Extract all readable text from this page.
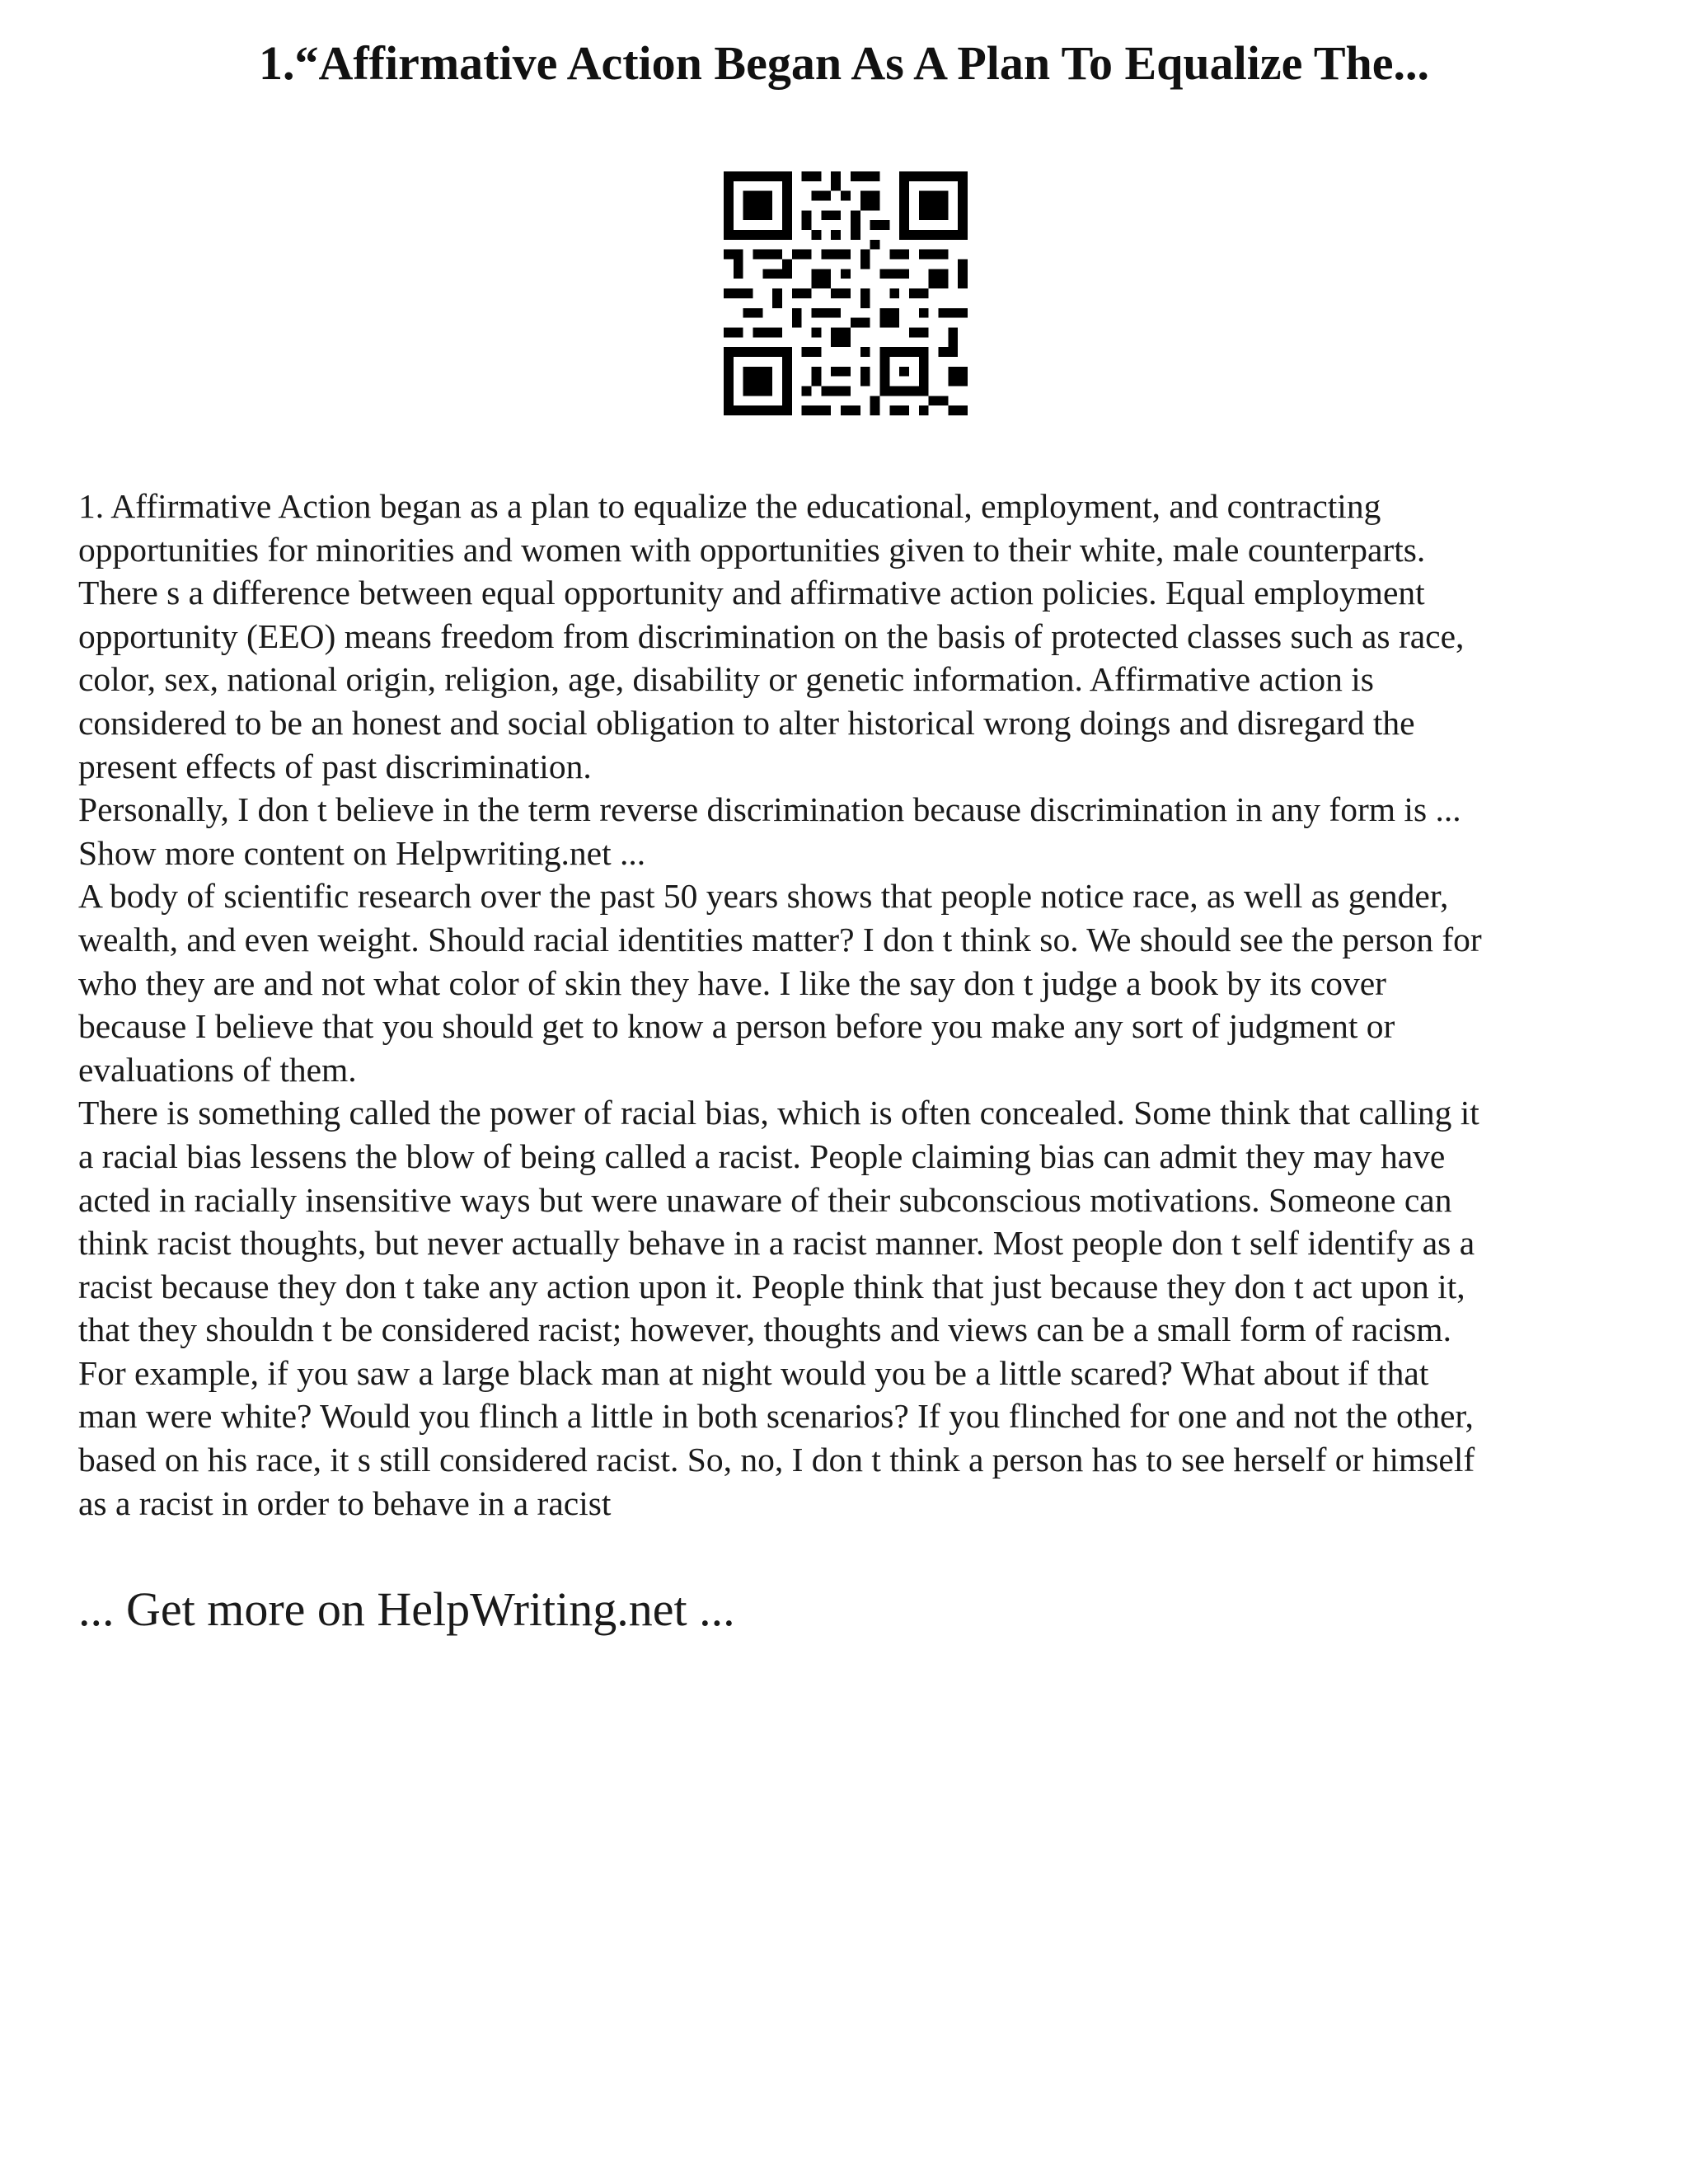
1.“Affirmative Action Began As A Plan To Equalize The...

1. Affirmative Action began as a plan to equalize the educational, employment, and contracting
opportunities for minorities and women with opportunities given to their white, male counterparts.
There s a difference between equal opportunity and affirmative action policies. Equal employment
opportunity (EEO) means freedom from discrimination on the basis of protected classes such as race,
color, sex, national origin, religion, age, disability or genetic information. Affirmative action is
considered to be an honest and social obligation to alter historical wrong doings and disregard the
present effects of past discrimination.

Personally, I don t believe in the term reverse discrimination because discrimination in any form is ...

Show more content on Helpwriting.net ...

A body of scientific research over the past 50 years shows that people notice race, as well as gender,
wealth, and even weight. Should racial identities matter? I don t think so. We should see the person for
who they are and not what color of skin they have. I like the say don t judge a book by its cover
because I believe that you should get to know a person before you make any sort of judgment or
evaluations of them.

There is something called the power of racial bias, which is often concealed. Some think that calling it
a racial bias lessens the blow of being called a racist. People claiming bias can admit they may have
acted in racially insensitive ways but were unaware of their subconscious motivations. Someone can
think racist thoughts, but never actually behave in a racist manner. Most people don t self identify as a
racist because they don t take any action upon it. People think that just because they don t act upon it,
that they shouldn t be considered racist; however, thoughts and views can be a small form of racism.
For example, if you saw a large black man at night would you be a little scared? What about if that
man were white? Would you flinch a little in both scenarios? If you flinched for one and not the other,
based on his race, it s still considered racist. So, no, I don t think a person has to see herself or himself
as a racist in order to behave in a racist

... Get more on HelpWriting.net ...
